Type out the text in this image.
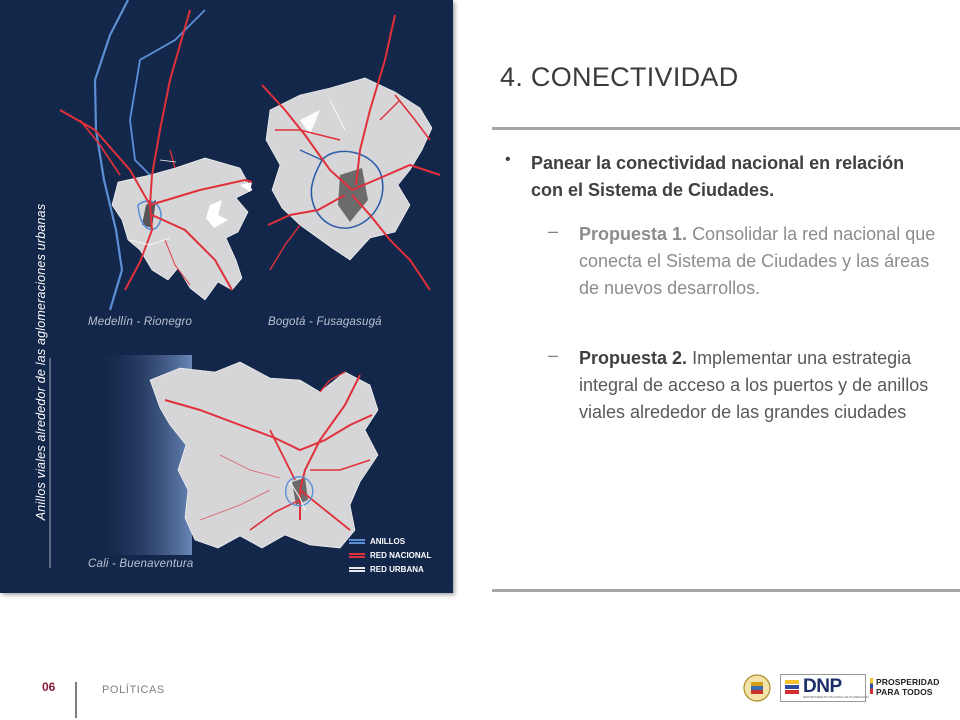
Anillos viales alrededor de las aglomeraciones urbanas	Medellín - Rionegro	Bogotá - Fusagasugá
Cali - Buenaventura
ANILLOS
RED NACIONAL
RED URBANA
4. CONECTIVIDAD
• Panear la conectividad nacional en relación con el Sistema de Ciudades.
– Propuesta 1. Consolidar la red nacional que conecta el Sistema de Ciudades y las áreas de nuevos desarrollos.
– Propuesta 2. Implementar una estrategia integral de acceso a los puertos y de anillos viales alrededor de las grandes ciudades
06	POLÍTICAS	DNP
DEPARTAMENTO NACIONAL DE PLANEACIÓN
PROSPERIDAD PARA TODOS
